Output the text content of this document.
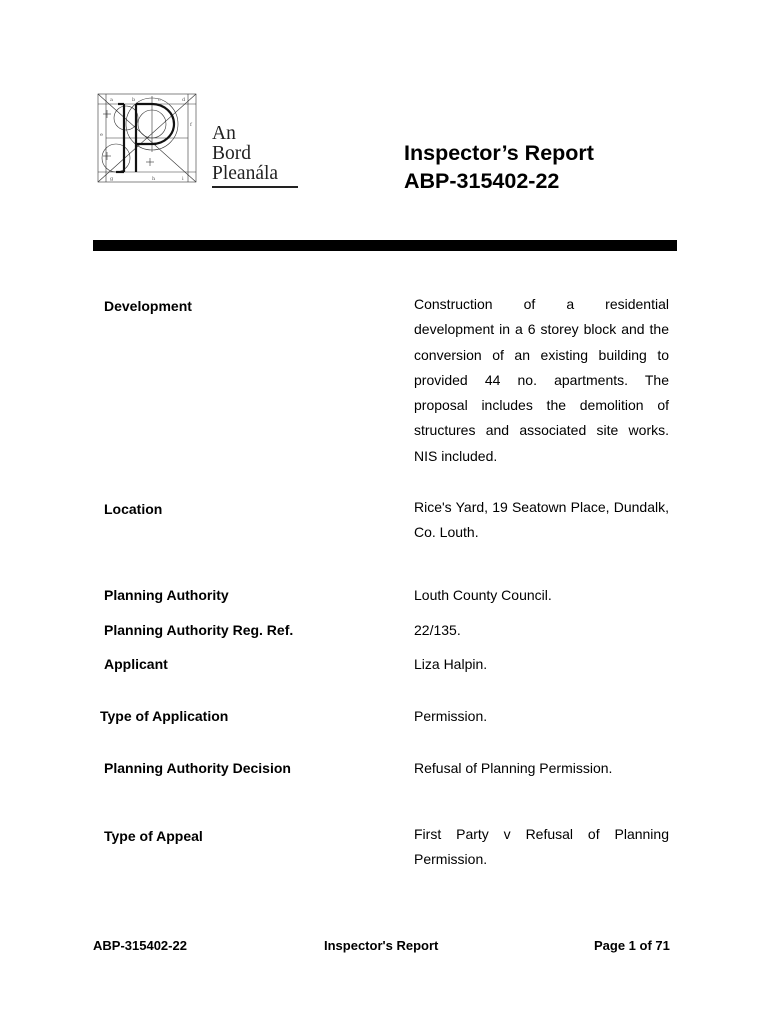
a	b	c	d
e
f
g	h	i
An
Bord
Pleanála
Inspector’s Report
ABP-315402-22
Development	Construction of a residential development in a 6 storey block and the conversion of an existing building to provided 44 no. apartments. The proposal includes the demolition of structures and associated site works. NIS included.
Location	Rice's Yard, 19 Seatown Place, Dundalk, Co. Louth.
Planning Authority	Louth County Council.
Planning Authority Reg. Ref.	22/135.
Applicant	Liza Halpin.
Type of Application	Permission.
Planning Authority Decision	Refusal of Planning Permission.
Type of Appeal	First Party v Refusal of Planning Permission.
ABP-315402-22	Inspector's Report	Page 1 of 71
